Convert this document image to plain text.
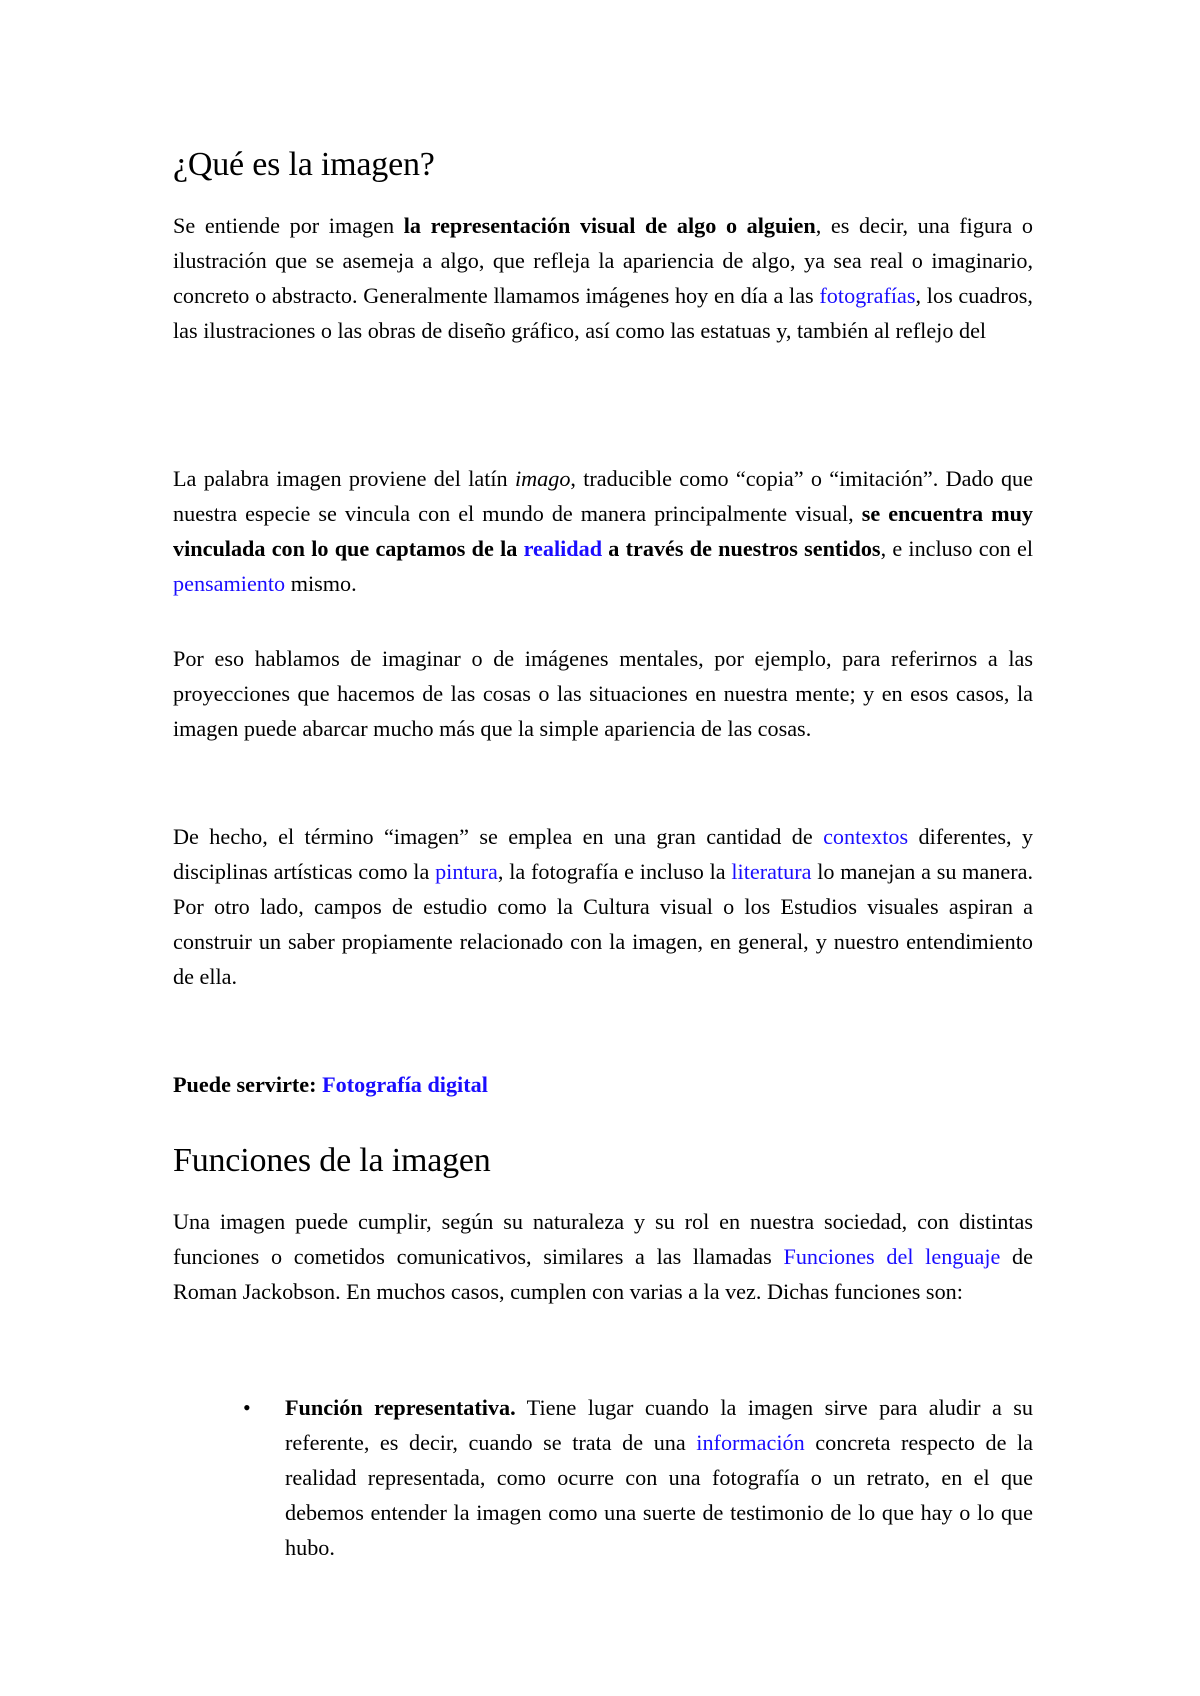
¿Qué es la imagen?

Se entiende por imagen la representación visual de algo o alguien, es decir, una figura o ilustración que se asemeja a algo, que refleja la apariencia de algo, ya sea real o imaginario, concreto o abstracto. Generalmente llamamos imágenes hoy en día a las fotografías, los cuadros, las ilustraciones o las obras de diseño gráfico, así como las estatuas y, también al reflejo del

La palabra imagen proviene del latín imago, traducible como “copia” o “imitación”. Dado que nuestra especie se vincula con el mundo de manera principalmente visual, se encuentra muy vinculada con lo que captamos de la realidad a través de nuestros sentidos, e incluso con el pensamiento mismo.

Por eso hablamos de imaginar o de imágenes mentales, por ejemplo, para referirnos a las proyecciones que hacemos de las cosas o las situaciones en nuestra mente; y en esos casos, la imagen puede abarcar mucho más que la simple apariencia de las cosas.

De hecho, el término “imagen” se emplea en una gran cantidad de contextos diferentes, y disciplinas artísticas como la pintura, la fotografía e incluso la literatura lo manejan a su manera. Por otro lado, campos de estudio como la Cultura visual o los Estudios visuales aspiran a construir un saber propiamente relacionado con la imagen, en general, y nuestro entendimiento de ella.

Puede servirte: Fotografía digital

Funciones de la imagen

Una imagen puede cumplir, según su naturaleza y su rol en nuestra sociedad, con distintas funciones o cometidos comunicativos, similares a las llamadas Funciones del lenguaje de Roman Jackobson. En muchos casos, cumplen con varias a la vez. Dichas funciones son:

• Función representativa. Tiene lugar cuando la imagen sirve para aludir a su referente, es decir, cuando se trata de una información concreta respecto de la realidad representada, como ocurre con una fotografía o un retrato, en el que debemos entender la imagen como una suerte de testimonio de lo que hay o lo que hubo.
